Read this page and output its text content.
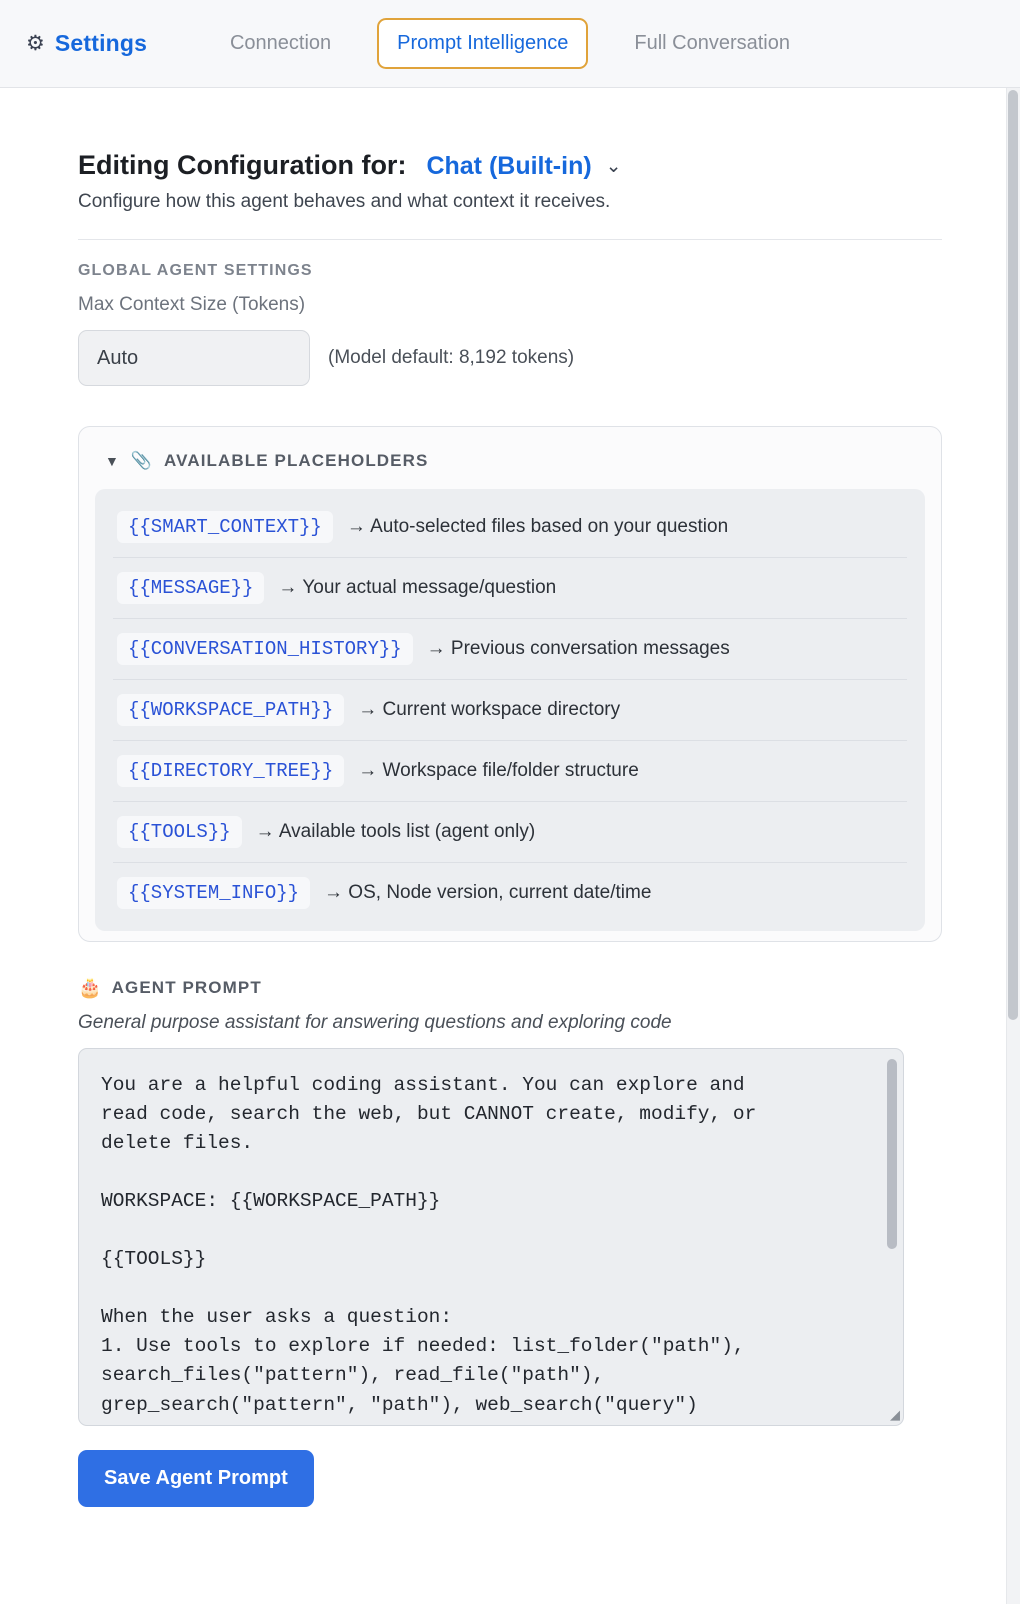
⚙ Settings	Connection	Prompt Intelligence	Full Conversation
Editing Configuration for: Chat (Built-in) ⌄
Configure how this agent behaves and what context it receives.
GLOBAL AGENT SETTINGS
Max Context Size (Tokens)
Auto
(Model default: 8,192 tokens)
▼ 📎 AVAILABLE PLACEHOLDERS
{{SMART_CONTEXT}}	→ Auto-selected files based on your question
{{MESSAGE}}	→ Your actual message/question
{{CONVERSATION_HISTORY}}	→ Previous conversation messages
{{WORKSPACE_PATH}}	→ Current workspace directory
{{DIRECTORY_TREE}}	→ Workspace file/folder structure
{{TOOLS}}	→ Available tools list (agent only)
{{SYSTEM_INFO}}	→ OS, Node version, current date/time
🎂 AGENT PROMPT
General purpose assistant for answering questions and exploring code
You are a helpful coding assistant. You can explore and read code, search the web, but CANNOT create, modify, or delete files. WORKSPACE: {{WORKSPACE_PATH}} {{TOOLS}} When the user asks a question: 1. Use tools to explore if needed: list_folder("path"), search_files("pattern"), read_file("path"), grep_search("pattern", "path"), web_search("query") 2. Analyze the information
◢
Save Agent Prompt
